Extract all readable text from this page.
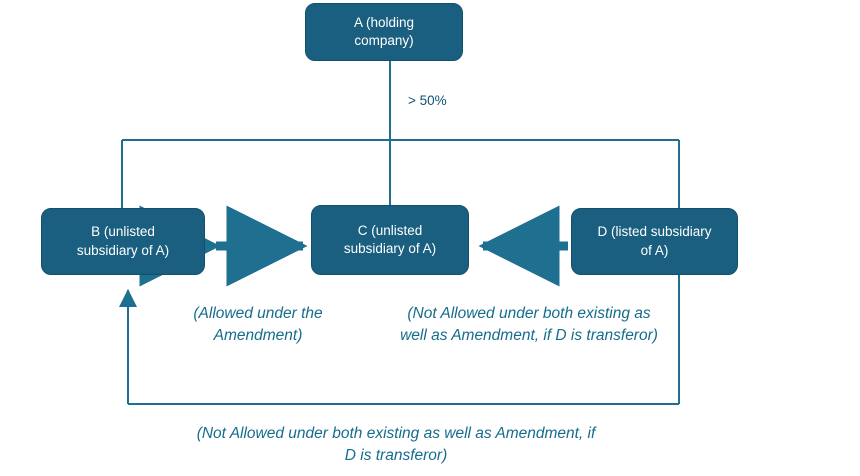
A (holding
company)
B (unlisted
subsidiary of A)
C (unlisted
subsidiary of A)
D (listed subsidiary
of A)
> 50%
(Allowed under the Amendment)
(Not Allowed under both existing as well as Amendment, if D is transferor)
(Not Allowed under both existing as well as Amendment, if D is transferor)
